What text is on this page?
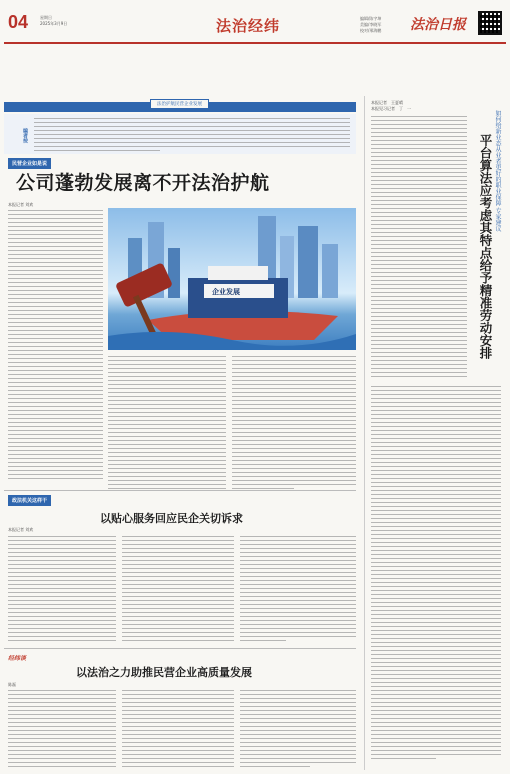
04	星期日
2025年3月9日	法治经纬	编辑/陈宇坤
美编/李晓军
校对/邢海鹏 法治日报
法治护航民营企业发展
编者按
民营企业如是说
公司蓬勃发展离不开法治护航
本报记者 刘欢
企业发展
政法机关这样干
以贴心服务回应民企关切诉求
本报记者 刘欢
经纬谈
以法治之力助推民营企业高质量发展
陈磊
本报记者　王夏晴
本报见习记者　丁　一
如何给新业态从业者更好的职业保障 专家建议
平台算法应考虑其特点给予精准劳动安排
